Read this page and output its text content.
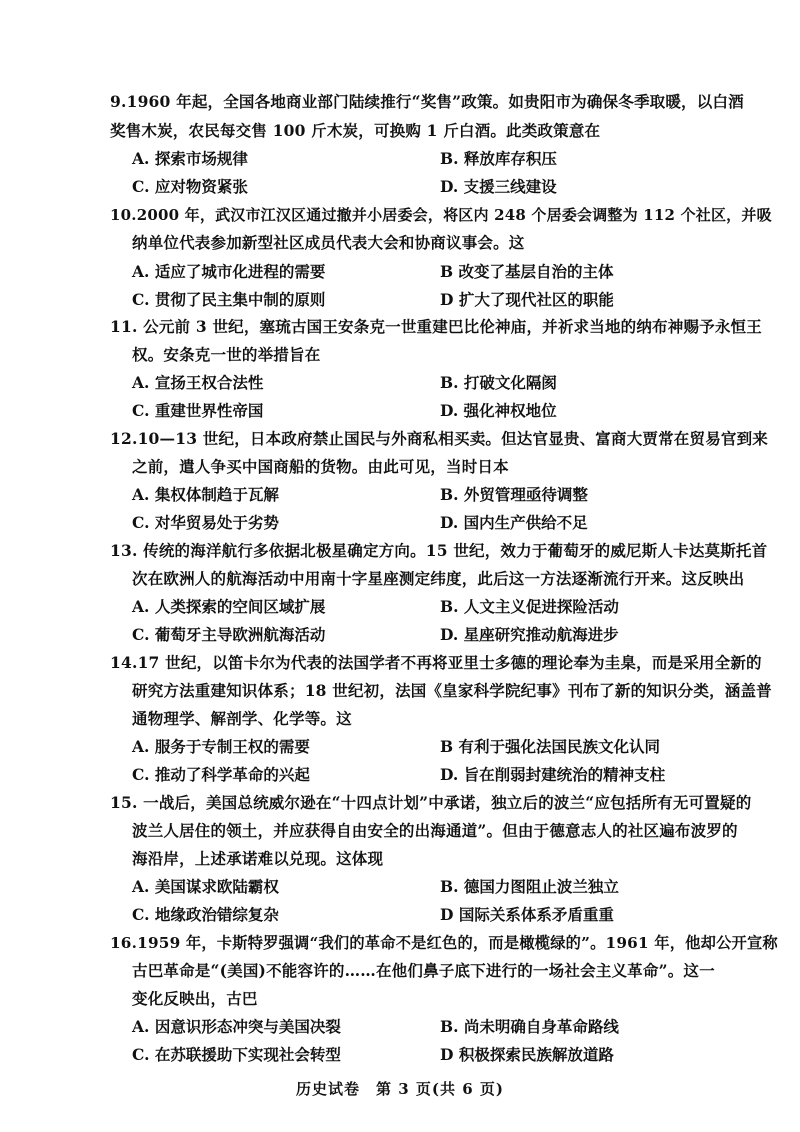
9.1960 年起，全国各地商业部门陆续推行“奖售”政策。如贵阳市为确保冬季取暖，以白酒
奖售木炭，农民每交售 100 斤木炭，可换购 1 斤白酒。此类政策意在
A. 探索市场规律	B. 释放库存积压
C. 应对物资紧张	D. 支援三线建设
10.2000 年，武汉市江汉区通过撤并小居委会，将区内 248 个居委会调整为 112 个社区，并吸
纳单位代表参加新型社区成员代表大会和协商议事会。这
A. 适应了城市化进程的需要	B 改变了基层自治的主体
C. 贯彻了民主集中制的原则	D 扩大了现代社区的职能
11. 公元前 3 世纪，塞琉古国王安条克一世重建巴比伦神庙，并祈求当地的纳布神赐予永恒王
权。安条克一世的举措旨在
A. 宣扬王权合法性	B. 打破文化隔阂
C. 重建世界性帝国	D. 强化神权地位
12.10—13 世纪，日本政府禁止国民与外商私相买卖。但达官显贵、富商大贾常在贸易官到来
之前，遣人争买中国商船的货物。由此可见，当时日本
A. 集权体制趋于瓦解	B. 外贸管理亟待调整
C. 对华贸易处于劣势	D. 国内生产供给不足
13. 传统的海洋航行多依据北极星确定方向。15 世纪，效力于葡萄牙的威尼斯人卡达莫斯托首
次在欧洲人的航海活动中用南十字星座测定纬度，此后这一方法逐渐流行开来。这反映出
A. 人类探索的空间区域扩展	B. 人文主义促进探险活动
C. 葡萄牙主导欧洲航海活动	D. 星座研究推动航海进步
14.17 世纪，以笛卡尔为代表的法国学者不再将亚里士多德的理论奉为圭臬，而是采用全新的
研究方法重建知识体系；18 世纪初，法国《皇家科学院纪事》刊布了新的知识分类，涵盖普
通物理学、解剖学、化学等。这
A. 服务于专制王权的需要	B 有利于强化法国民族文化认同
C. 推动了科学革命的兴起	D. 旨在削弱封建统治的精神支柱
15. 一战后，美国总统威尔逊在“十四点计划”中承诺，独立后的波兰“应包括所有无可置疑的
波兰人居住的领土，并应获得自由安全的出海通道”。但由于德意志人的社区遍布波罗的
海沿岸，上述承诺难以兑现。这体现
A. 美国谋求欧陆霸权	B. 德国力图阻止波兰独立
C. 地缘政治错综复杂	D 国际关系体系矛盾重重
16.1959 年，卡斯特罗强调“我们的革命不是红色的，而是橄榄绿的”。1961 年，他却公开宣称
古巴革命是“(美国)不能容许的……在他们鼻子底下进行的一场社会主义革命”。这一
变化反映出，古巴
A. 因意识形态冲突与美国决裂	B. 尚未明确自身革命路线
C. 在苏联援助下实现社会转型	D 积极探索民族解放道路
历史试卷　第 3 页(共 6 页)
